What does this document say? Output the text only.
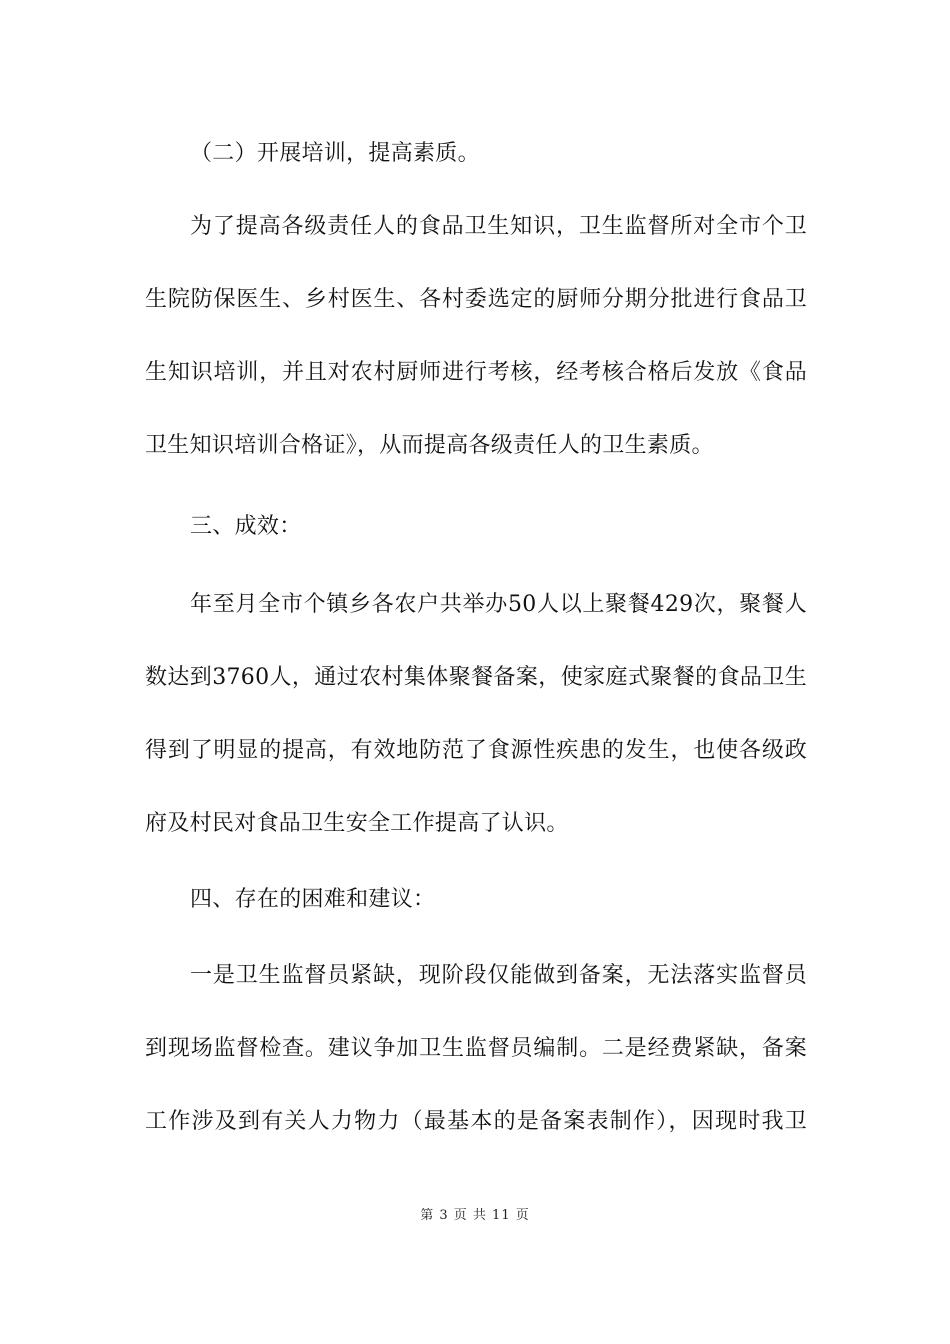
（二）开展培训，提高素质。
为了提高各级责任人的食品卫生知识，卫生监督所对全市个卫
生院防保医生、乡村医生、各村委选定的厨师分期分批进行食品卫
生知识培训，并且对农村厨师进行考核，经考核合格后发放《食品
卫生知识培训合格证》，从而提高各级责任人的卫生素质。
三、成效：
年至月全市个镇乡各农户共举办50人以上聚餐429次，聚餐人
数达到3760人，通过农村集体聚餐备案，使家庭式聚餐的食品卫生
得到了明显的提高，有效地防范了食源性疾患的发生，也使各级政
府及村民对食品卫生安全工作提高了认识。
四、存在的困难和建议：
一是卫生监督员紧缺，现阶段仅能做到备案，无法落实监督员
到现场监督检查。建议争加卫生监督员编制。二是经费紧缺，备案
工作涉及到有关人力物力（最基本的是备案表制作），因现时我卫
第 3 页 共 11 页
